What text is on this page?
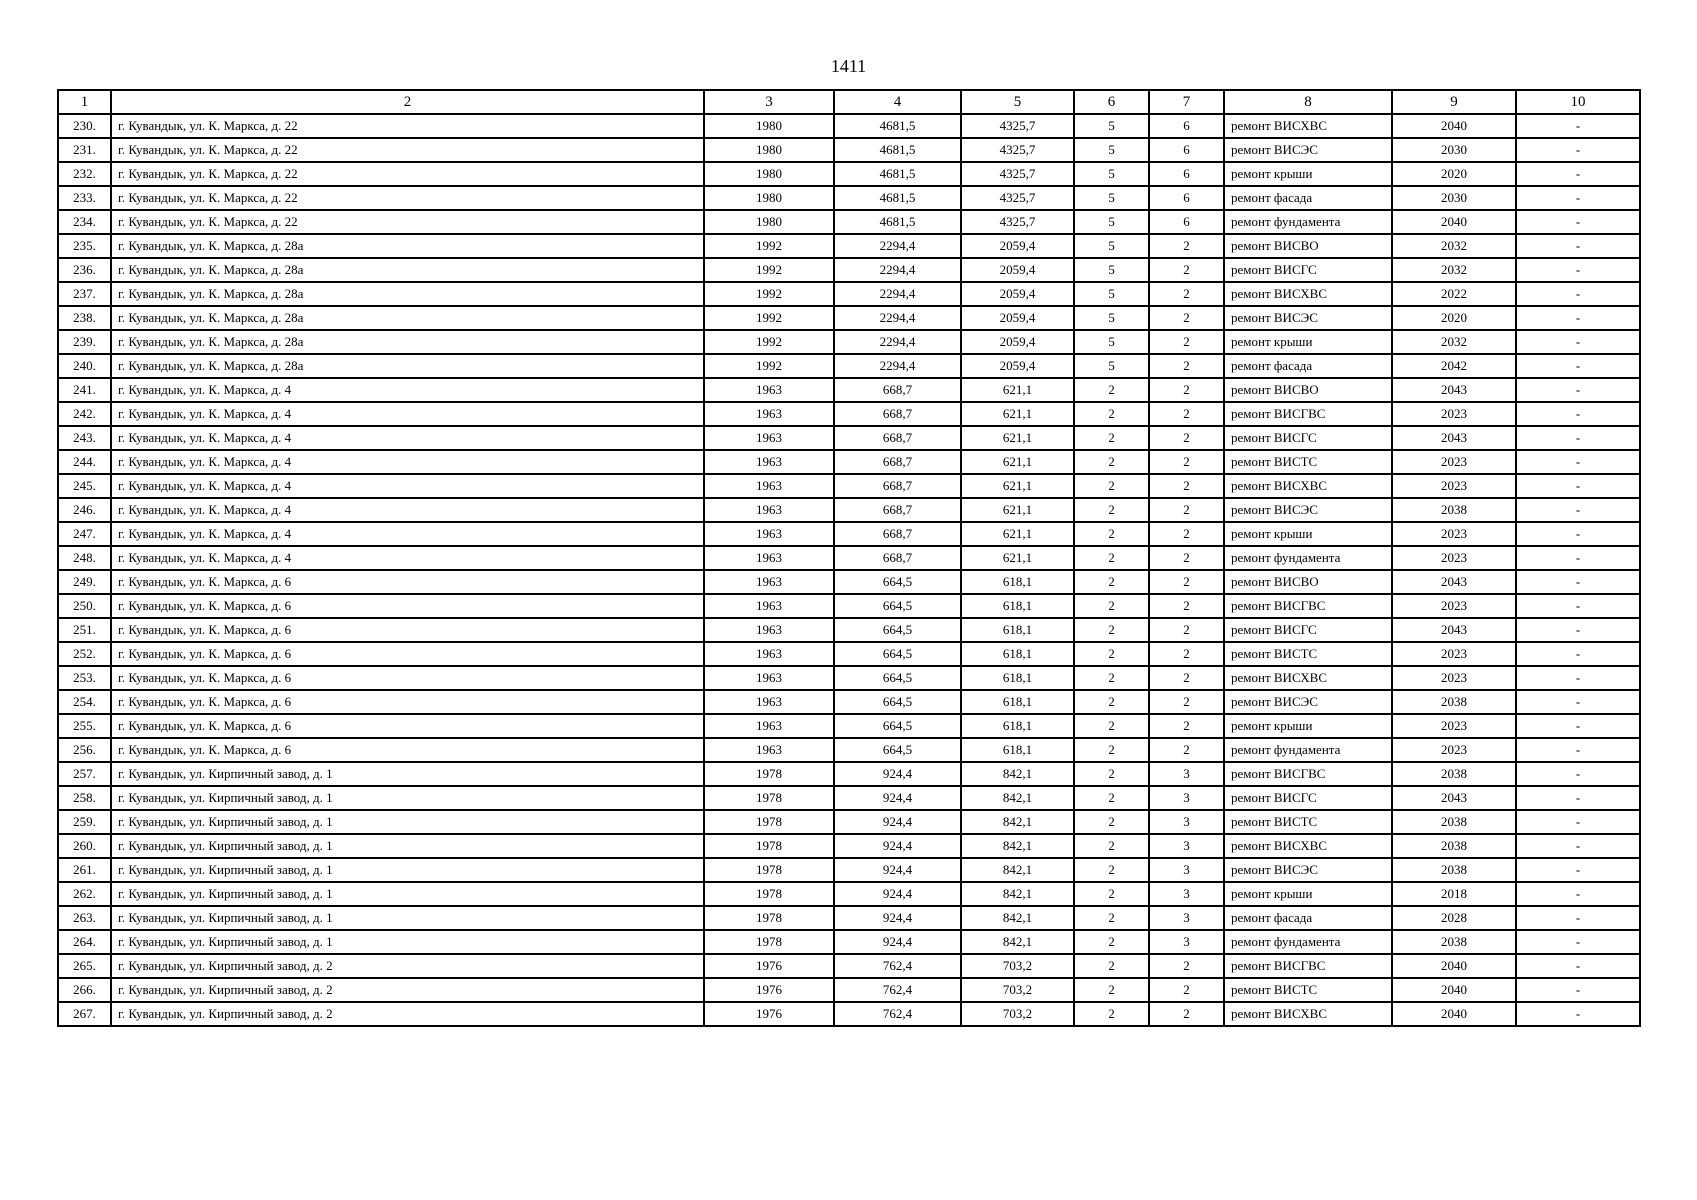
1411
1	2	3	4	5	6	7	8	9	10
230.	г. Кувандык, ул. К. Маркса, д. 22	1980	4681,5	4325,7	5	6	ремонт ВИСХВС	2040	-
231.	г. Кувандык, ул. К. Маркса, д. 22	1980	4681,5	4325,7	5	6	ремонт ВИСЭС	2030	-
232.	г. Кувандык, ул. К. Маркса, д. 22	1980	4681,5	4325,7	5	6	ремонт крыши	2020	-
233.	г. Кувандык, ул. К. Маркса, д. 22	1980	4681,5	4325,7	5	6	ремонт фасада	2030	-
234.	г. Кувандык, ул. К. Маркса, д. 22	1980	4681,5	4325,7	5	6	ремонт фундамента	2040	-
235.	г. Кувандык, ул. К. Маркса, д. 28а	1992	2294,4	2059,4	5	2	ремонт ВИСВО	2032	-
236.	г. Кувандык, ул. К. Маркса, д. 28а	1992	2294,4	2059,4	5	2	ремонт ВИСГС	2032	-
237.	г. Кувандык, ул. К. Маркса, д. 28а	1992	2294,4	2059,4	5	2	ремонт ВИСХВС	2022	-
238.	г. Кувандык, ул. К. Маркса, д. 28а	1992	2294,4	2059,4	5	2	ремонт ВИСЭС	2020	-
239.	г. Кувандык, ул. К. Маркса, д. 28а	1992	2294,4	2059,4	5	2	ремонт крыши	2032	-
240.	г. Кувандык, ул. К. Маркса, д. 28а	1992	2294,4	2059,4	5	2	ремонт фасада	2042	-
241.	г. Кувандык, ул. К. Маркса, д. 4	1963	668,7	621,1	2	2	ремонт ВИСВО	2043	-
242.	г. Кувандык, ул. К. Маркса, д. 4	1963	668,7	621,1	2	2	ремонт ВИСГВС	2023	-
243.	г. Кувандык, ул. К. Маркса, д. 4	1963	668,7	621,1	2	2	ремонт ВИСГС	2043	-
244.	г. Кувандык, ул. К. Маркса, д. 4	1963	668,7	621,1	2	2	ремонт ВИСТС	2023	-
245.	г. Кувандык, ул. К. Маркса, д. 4	1963	668,7	621,1	2	2	ремонт ВИСХВС	2023	-
246.	г. Кувандык, ул. К. Маркса, д. 4	1963	668,7	621,1	2	2	ремонт ВИСЭС	2038	-
247.	г. Кувандык, ул. К. Маркса, д. 4	1963	668,7	621,1	2	2	ремонт крыши	2023	-
248.	г. Кувандык, ул. К. Маркса, д. 4	1963	668,7	621,1	2	2	ремонт фундамента	2023	-
249.	г. Кувандык, ул. К. Маркса, д. 6	1963	664,5	618,1	2	2	ремонт ВИСВО	2043	-
250.	г. Кувандык, ул. К. Маркса, д. 6	1963	664,5	618,1	2	2	ремонт ВИСГВС	2023	-
251.	г. Кувандык, ул. К. Маркса, д. 6	1963	664,5	618,1	2	2	ремонт ВИСГС	2043	-
252.	г. Кувандык, ул. К. Маркса, д. 6	1963	664,5	618,1	2	2	ремонт ВИСТС	2023	-
253.	г. Кувандык, ул. К. Маркса, д. 6	1963	664,5	618,1	2	2	ремонт ВИСХВС	2023	-
254.	г. Кувандык, ул. К. Маркса, д. 6	1963	664,5	618,1	2	2	ремонт ВИСЭС	2038	-
255.	г. Кувандык, ул. К. Маркса, д. 6	1963	664,5	618,1	2	2	ремонт крыши	2023	-
256.	г. Кувандык, ул. К. Маркса, д. 6	1963	664,5	618,1	2	2	ремонт фундамента	2023	-
257.	г. Кувандык, ул. Кирпичный завод, д. 1	1978	924,4	842,1	2	3	ремонт ВИСГВС	2038	-
258.	г. Кувандык, ул. Кирпичный завод, д. 1	1978	924,4	842,1	2	3	ремонт ВИСГС	2043	-
259.	г. Кувандык, ул. Кирпичный завод, д. 1	1978	924,4	842,1	2	3	ремонт ВИСТС	2038	-
260.	г. Кувандык, ул. Кирпичный завод, д. 1	1978	924,4	842,1	2	3	ремонт ВИСХВС	2038	-
261.	г. Кувандык, ул. Кирпичный завод, д. 1	1978	924,4	842,1	2	3	ремонт ВИСЭС	2038	-
262.	г. Кувандык, ул. Кирпичный завод, д. 1	1978	924,4	842,1	2	3	ремонт крыши	2018	-
263.	г. Кувандык, ул. Кирпичный завод, д. 1	1978	924,4	842,1	2	3	ремонт фасада	2028	-
264.	г. Кувандык, ул. Кирпичный завод, д. 1	1978	924,4	842,1	2	3	ремонт фундамента	2038	-
265.	г. Кувандык, ул. Кирпичный завод, д. 2	1976	762,4	703,2	2	2	ремонт ВИСГВС	2040	-
266.	г. Кувандык, ул. Кирпичный завод, д. 2	1976	762,4	703,2	2	2	ремонт ВИСТС	2040	-
267.	г. Кувандык, ул. Кирпичный завод, д. 2	1976	762,4	703,2	2	2	ремонт ВИСХВС	2040	-
